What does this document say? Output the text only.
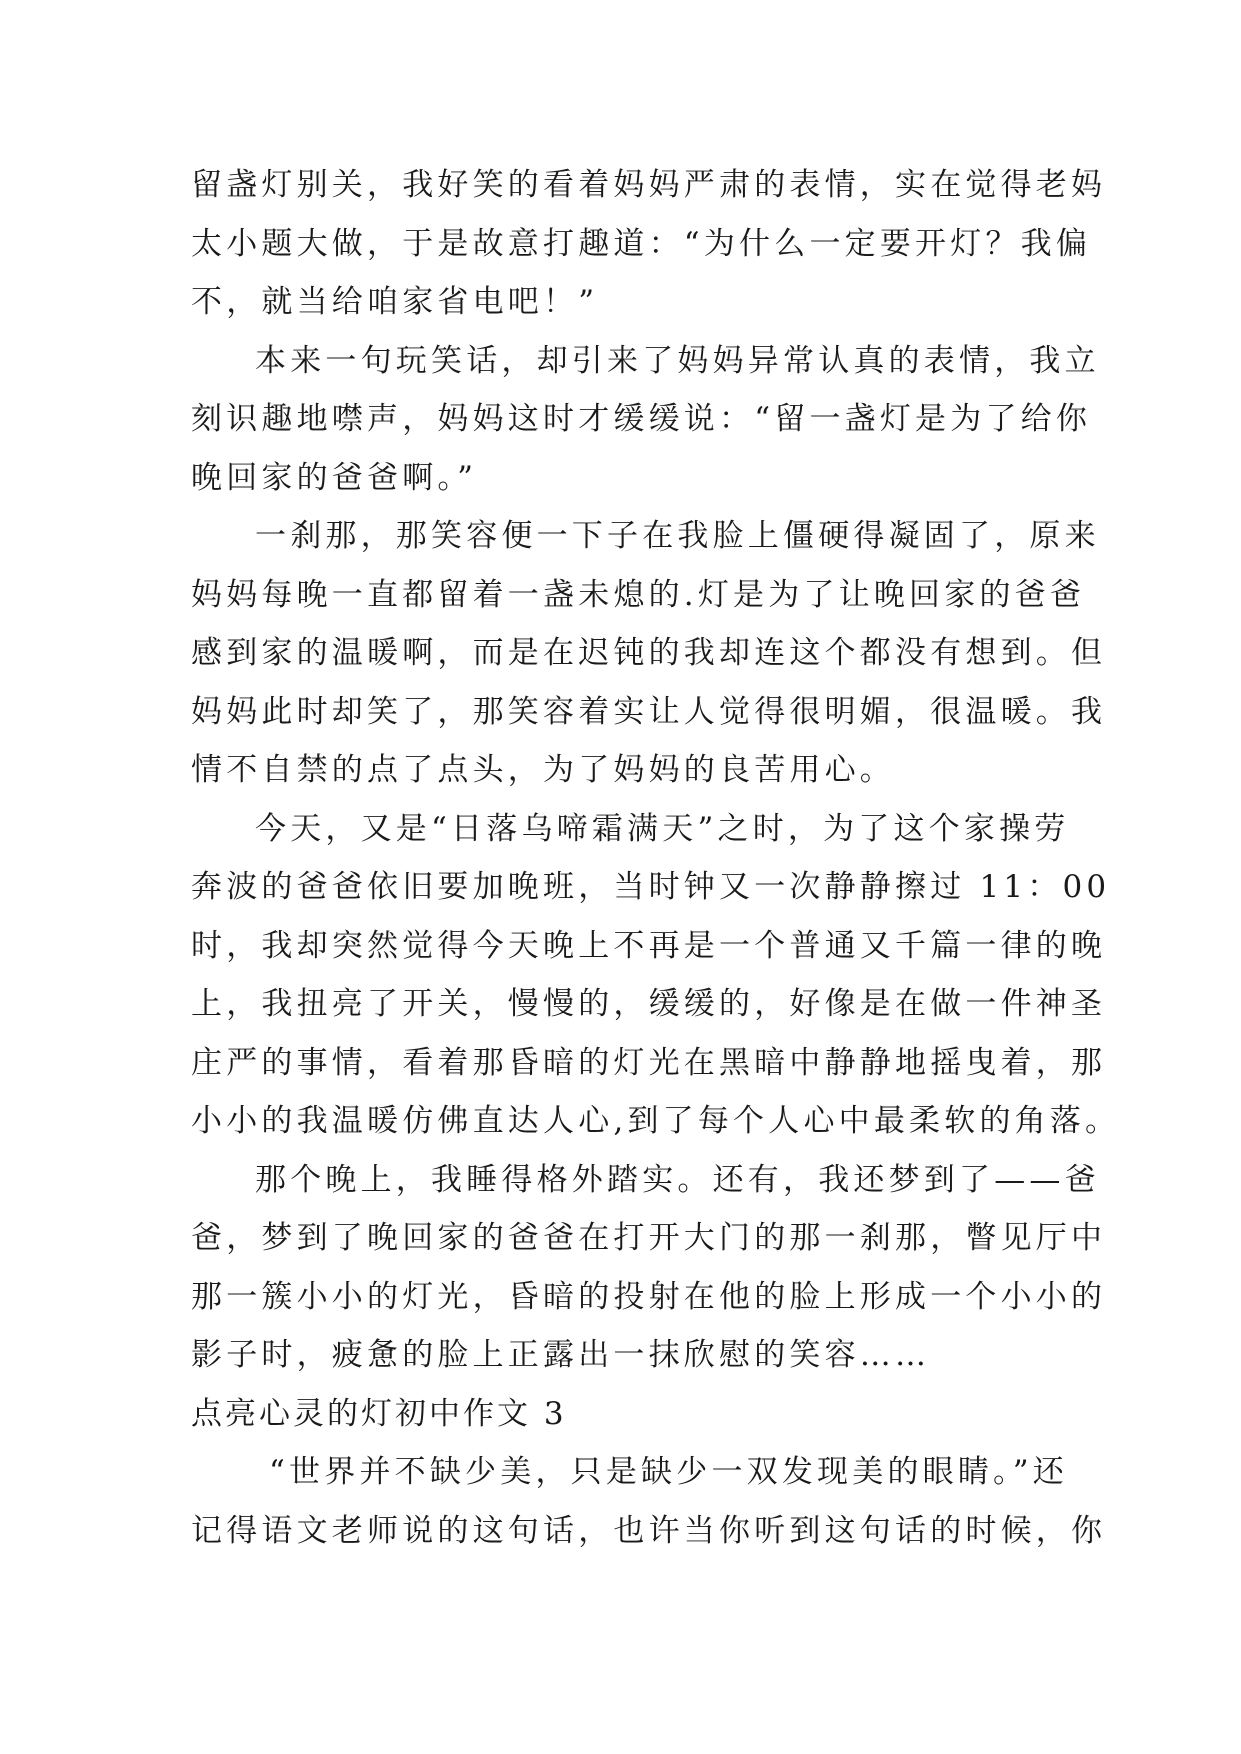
留盏灯别关，我好笑的看着妈妈严肃的表情，实在觉得老妈
太小题大做，于是故意打趣道：“为什么一定要开灯？我偏
不，就当给咱家省电吧！”
本来一句玩笑话，却引来了妈妈异常认真的表情，我立
刻识趣地噤声，妈妈这时才缓缓说：“留一盏灯是为了给你
晚回家的爸爸啊。”
一刹那，那笑容便一下子在我脸上僵硬得凝固了，原来
妈妈每晚一直都留着一盏未熄的.灯是为了让晚回家的爸爸
感到家的温暖啊，而是在迟钝的我却连这个都没有想到。但
妈妈此时却笑了，那笑容着实让人觉得很明媚，很温暖。我
情不自禁的点了点头，为了妈妈的良苦用心。
今天，又是“日落乌啼霜满天”之时，为了这个家操劳
奔波的爸爸依旧要加晚班，当时钟又一次静静擦过 11：00
时，我却突然觉得今天晚上不再是一个普通又千篇一律的晚
上，我扭亮了开关，慢慢的，缓缓的，好像是在做一件神圣
庄严的事情，看着那昏暗的灯光在黑暗中静静地摇曳着，那
小小的我温暖仿佛直达人心,到了每个人心中最柔软的角落。
那个晚上，我睡得格外踏实。还有，我还梦到了——爸
爸，梦到了晚回家的爸爸在打开大门的那一刹那，瞥见厅中
那一簇小小的灯光，昏暗的投射在他的脸上形成一个小小的
影子时，疲惫的脸上正露出一抹欣慰的笑容……
点亮心灵的灯初中作文 3
“世界并不缺少美，只是缺少一双发现美的眼睛。”还
记得语文老师说的这句话，也许当你听到这句话的时候，你
